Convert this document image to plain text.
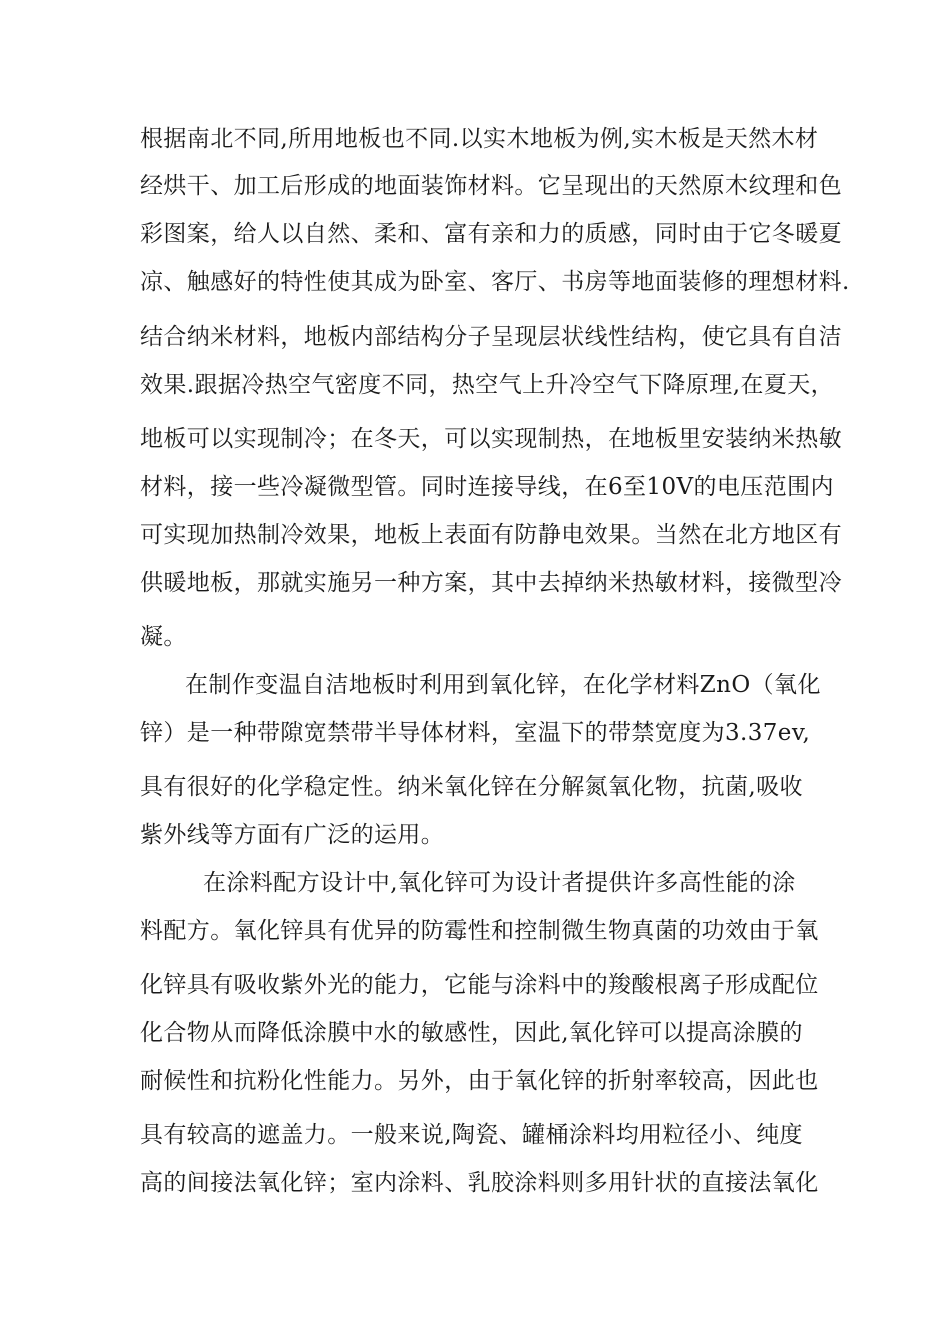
根据南北不同,所用地板也不同.以实木地板为例,实木板是天然木材
经烘干、加工后形成的地面装饰材料。它呈现出的天然原木纹理和色
彩图案，给人以自然、柔和、富有亲和力的质感，同时由于它冬暖夏
凉、触感好的特性使其成为卧室、客厅、书房等地面装修的理想材料.
结合纳米材料，地板内部结构分子呈现层状线性结构，使它具有自洁
效果.跟据冷热空气密度不同，热空气上升冷空气下降原理,在夏天，
地板可以实现制冷；在冬天，可以实现制热，在地板里安装纳米热敏
材料，接一些冷凝微型管。同时连接导线，在6至10V的电压范围内
可实现加热制冷效果，地板上表面有防静电效果。当然在北方地区有
供暖地板，那就实施另一种方案，其中去掉纳米热敏材料，接微型冷
凝。
在制作变温自洁地板时利用到氧化锌，在化学材料ZnO（氧化
锌）是一种带隙宽禁带半导体材料，室温下的带禁宽度为3.37ev,
具有很好的化学稳定性。纳米氧化锌在分解氮氧化物，抗菌,吸收
紫外线等方面有广泛的运用。
在涂料配方设计中,氧化锌可为设计者提供许多高性能的涂
料配方。氧化锌具有优异的防霉性和控制微生物真菌的功效由于氧
化锌具有吸收紫外光的能力，它能与涂料中的羧酸根离子形成配位
化合物从而降低涂膜中水的敏感性，因此,氧化锌可以提高涂膜的
耐候性和抗粉化性能力。另外，由于氧化锌的折射率较高，因此也
具有较高的遮盖力。一般来说,陶瓷、罐桶涂料均用粒径小、纯度
高的间接法氧化锌；室内涂料、乳胶涂料则多用针状的直接法氧化
